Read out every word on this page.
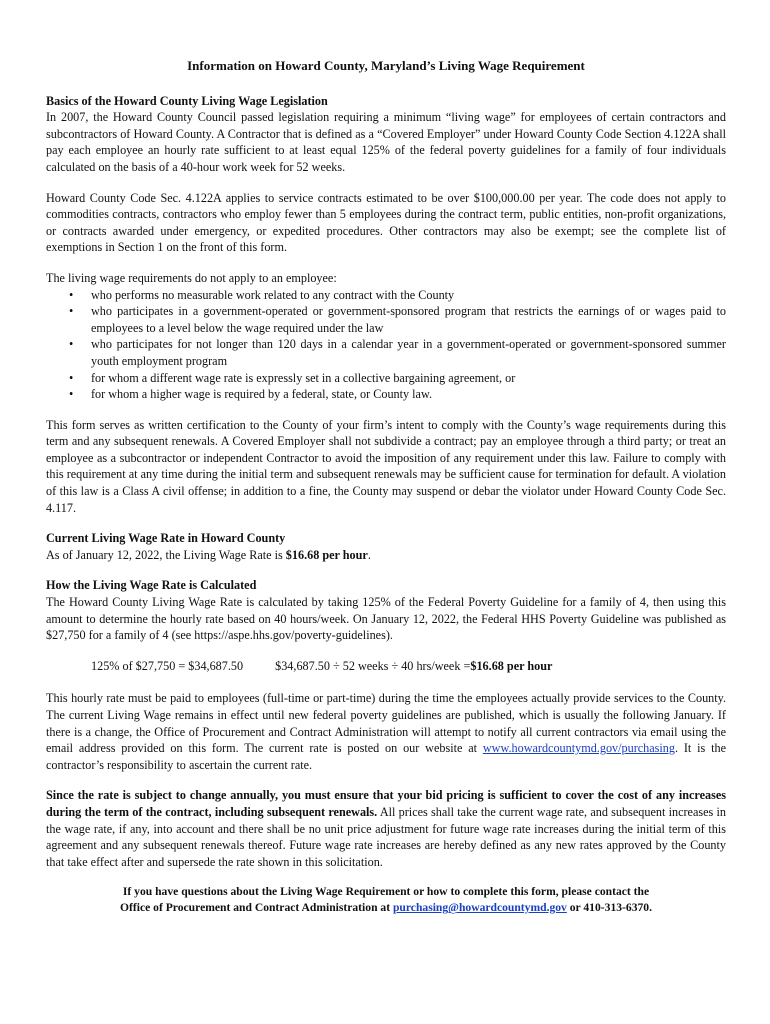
Information on Howard County, Maryland’s Living Wage Requirement
Basics of the Howard County Living Wage Legislation

In 2007, the Howard County Council passed legislation requiring a minimum “living wage” for employees of certain contractors and subcontractors of Howard County. A Contractor that is defined as a “Covered Employer” under Howard County Code Section 4.122A shall pay each employee an hourly rate sufficient to at least equal 125% of the federal poverty guidelines for a family of four individuals calculated on the basis of a 40-hour work week for 52 weeks.

Howard County Code Sec. 4.122A applies to service contracts estimated to be over $100,000.00 per year. The code does not apply to commodities contracts, contractors who employ fewer than 5 employees during the contract term, public entities, non-profit organizations, or contracts awarded under emergency, or expedited procedures. Other contractors may also be exempt; see the complete list of exemptions in Section 1 on the front of this form.

The living wage requirements do not apply to an employee:

• who performs no measurable work related to any contract with the County
• who participates in a government-operated or government-sponsored program that restricts the earnings of or wages paid to employees to a level below the wage required under the law
• who participates for not longer than 120 days in a calendar year in a government-operated or government-sponsored summer youth employment program
• for whom a different wage rate is expressly set in a collective bargaining agreement, or
• for whom a higher wage is required by a federal, state, or County law.

This form serves as written certification to the County of your firm’s intent to comply with the County’s wage requirements during this term and any subsequent renewals. A Covered Employer shall not subdivide a contract; pay an employee through a third party; or treat an employee as a subcontractor or independent Contractor to avoid the imposition of any requirement under this law. Failure to comply with this requirement at any time during the initial term and subsequent renewals may be sufficient cause for termination for default. A violation of this law is a Class A civil offense; in addition to a fine, the County may suspend or debar the violator under Howard County Code Sec. 4.117.

Current Living Wage Rate in Howard County

As of January 12, 2022, the Living Wage Rate is $16.68 per hour.

How the Living Wage Rate is Calculated

The Howard County Living Wage Rate is calculated by taking 125% of the Federal Poverty Guideline for a family of 4, then using this amount to determine the hourly rate based on 40 hours/week. On January 12, 2022, the Federal HHS Poverty Guideline was published as $27,750 for a family of 4 (see https://aspe.hhs.gov/poverty-guidelines).

125% of $27,750 = $34,687.50	$34,687.50 ÷ 52 weeks ÷ 40 hrs/week =$16.68 per hour

This hourly rate must be paid to employees (full-time or part-time) during the time the employees actually provide services to the County. The current Living Wage remains in effect until new federal poverty guidelines are published, which is usually the following January. If there is a change, the Office of Procurement and Contract Administration will attempt to notify all current contractors via email using the email address provided on this form. The current rate is posted on our website at www.howardcountymd.gov/purchasing. It is the contractor’s responsibility to ascertain the current rate.

Since the rate is subject to change annually, you must ensure that your bid pricing is sufficient to cover the cost of any increases during the term of the contract, including subsequent renewals. All prices shall take the current wage rate, and subsequent increases in the wage rate, if any, into account and there shall be no unit price adjustment for future wage rate increases during the initial term of this agreement and any subsequent renewals thereof. Future wage rate increases are hereby defined as any new rates approved by the County that take effect after and supersede the rate shown in this solicitation.

If you have questions about the Living Wage Requirement or how to complete this form, please contact the
Office of Procurement and Contract Administration at purchasing@howardcountymd.gov or 410-313-6370.
